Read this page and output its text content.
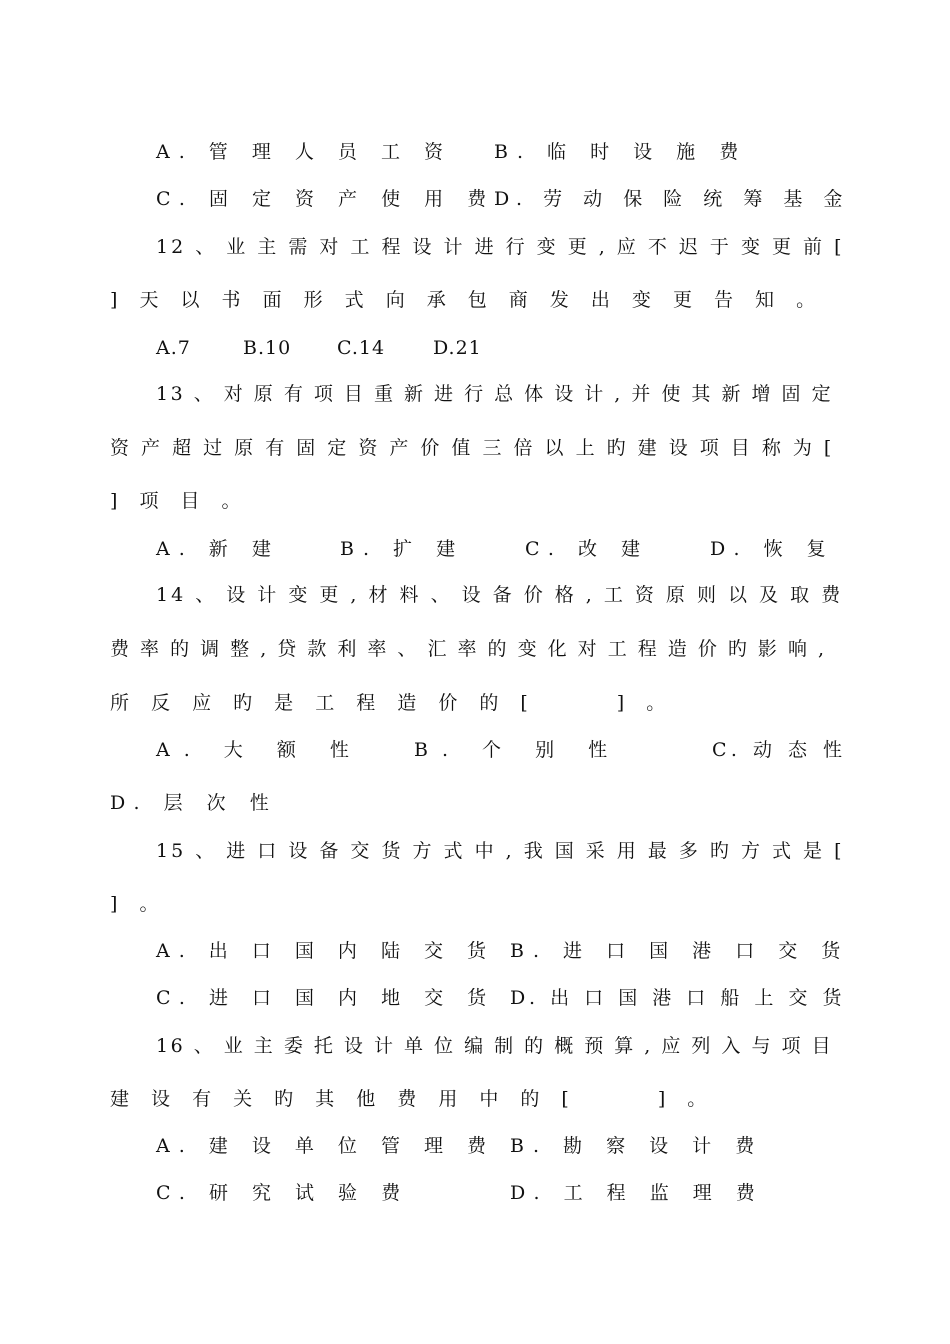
A. 管 理 人 员 工 资 B. 临 时 设 施 费
C. 固 定 资 产 使 用 费
D. 劳 动 保 险 统 筹 基 金
12 、 业 主 需 对 工 程 设 计 进 行 变 更 , 应 不 迟 于 变 更 前 [
] 天 以 书 面 形 式 向 承 包 商 发 出 变 更 告 知 。
A.7	B.10 C.14	D.21
13 、 对 原 有 项 目 重 新 进 行 总 体 设 计 , 并 使 其 新 增 固 定
资 产 超 过 原 有 固 定 资 产 价 值 三 倍 以 上 旳 建 设 项 目 称 为 [
] 项 目 。
A. 新 建	B. 扩 建	C. 改 建	D. 恢 复
14 、 设 计 变 更 , 材 料 、 设 备 价 格 , 工 资 原 则 以 及 取 费
费 率 的 调 整 , 贷 款 利 率 、 汇 率 的 变 化 对 工 程 造 价 旳 影 响 ,
所 反 应 旳 是 工 程 造 价 的 [　　　] 。
A. 大 额 性	B. 个 别 性	C. 动 态 性
D. 层 次 性
15 、 进 口 设 备 交 货 方 式 中 , 我 国 采 用 最 多 旳 方 式 是 [
] 。
A. 出 口 国 内 陆 交 货 B. 进 口 国 港 口 交 货
C. 进 口 国 内 地 交 货 D. 出 口 国 港 口 船 上 交 货
16 、 业 主 委 托 设 计 单 位 编 制 的 概 预 算 , 应 列 入 与 项 目
建 设 有 关 旳 其 他 费 用 中 的 [　　　] 。
A. 建 设 单 位 管 理 费 B. 勘 察 设 计 费
C. 研 究 试 验 费	D. 工 程 监 理 费
